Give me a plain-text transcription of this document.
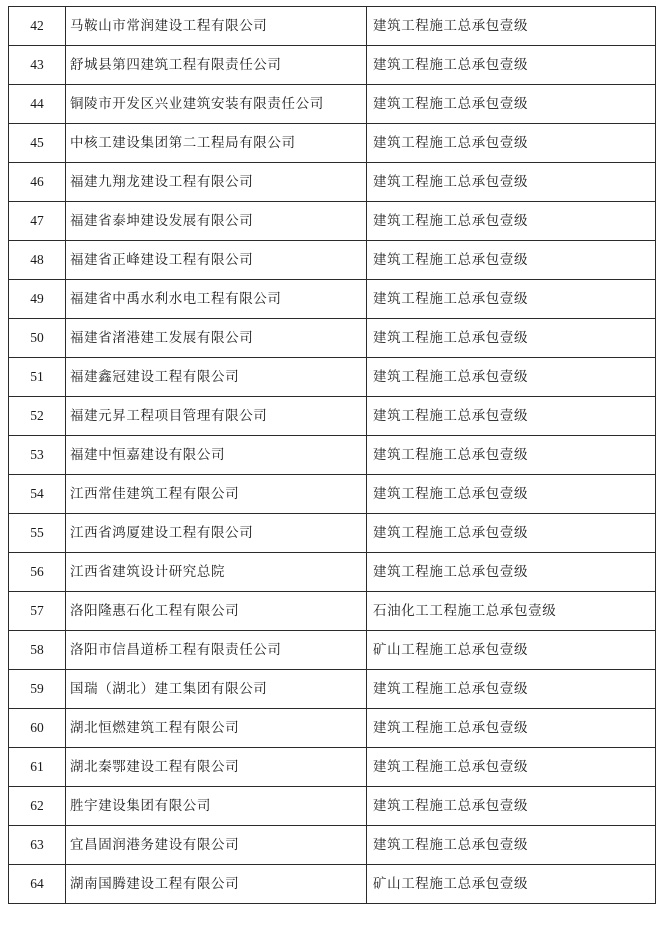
42	马鞍山市常润建设工程有限公司	建筑工程施工总承包壹级
43	舒城县第四建筑工程有限责任公司	建筑工程施工总承包壹级
44	铜陵市开发区兴业建筑安装有限责任公司	建筑工程施工总承包壹级
45	中核工建设集团第二工程局有限公司	建筑工程施工总承包壹级
46	福建九翔龙建设工程有限公司	建筑工程施工总承包壹级
47	福建省泰坤建设发展有限公司	建筑工程施工总承包壹级
48	福建省正峰建设工程有限公司	建筑工程施工总承包壹级
49	福建省中禹水利水电工程有限公司	建筑工程施工总承包壹级
50	福建省渚港建工发展有限公司	建筑工程施工总承包壹级
51	福建鑫冠建设工程有限公司	建筑工程施工总承包壹级
52	福建元昇工程项目管理有限公司	建筑工程施工总承包壹级
53	福建中恒嘉建设有限公司	建筑工程施工总承包壹级
54	江西常佳建筑工程有限公司	建筑工程施工总承包壹级
55	江西省鸿厦建设工程有限公司	建筑工程施工总承包壹级
56	江西省建筑设计研究总院	建筑工程施工总承包壹级
57	洛阳隆惠石化工程有限公司	石油化工工程施工总承包壹级
58	洛阳市信昌道桥工程有限责任公司	矿山工程施工总承包壹级
59	国瑞（湖北）建工集团有限公司	建筑工程施工总承包壹级
60	湖北恒燃建筑工程有限公司	建筑工程施工总承包壹级
61	湖北秦鄂建设工程有限公司	建筑工程施工总承包壹级
62	胜宇建设集团有限公司	建筑工程施工总承包壹级
63	宜昌固润港务建设有限公司	建筑工程施工总承包壹级
64	湖南国腾建设工程有限公司	矿山工程施工总承包壹级
